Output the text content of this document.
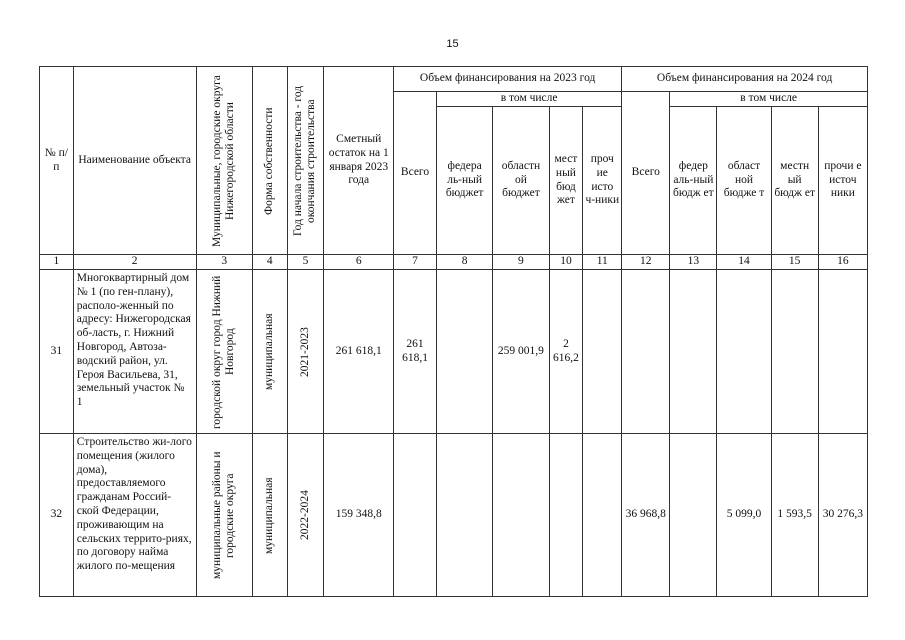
15
№ п/п	Наименование объекта	Муниципальные, городские округа Нижегородской области	Форма собственности	Год начала строительства - год окончания строительства	Сметный остаток на 1 января 2023 года	Объем финансирования на 2023 год					Объем финансирования на 2024 год				
						Всего	в том числе				Всего	в том числе			
							федера ль-ный бюджет	областн ой бюджет	мест ный бюд жет	проч ие исто ч-ники		федер аль-ный бюдж ет	област ной бюдже т	местн ый бюдж ет	прочи е источ ники
1	2	3	4	5	6	7	8	9	10	11	12	13	14	15	16
31	Многоквартирный дом № 1 (по ген-плану), располо-женный по адресу: Нижегородская об-ласть, г. Нижний Новгород, Автоза-водский район, ул. Героя Васильева, 31, земельный участок № 1	городской округ город Нижний Новгород	муниципальная	2021-2023	261 618,1	261 618,1		259 001,9	2 616,2						
32	Строительство жи-лого помещения (жилого дома), предоставляемого гражданам Россий-ской Федерации, проживающим на сельских террито-риях, по договору найма жилого по-мещения	муниципальные районы и городские округа	муниципальная	2022-2024	159 348,8						36 968,8		5 099,0	1 593,5	30 276,3
